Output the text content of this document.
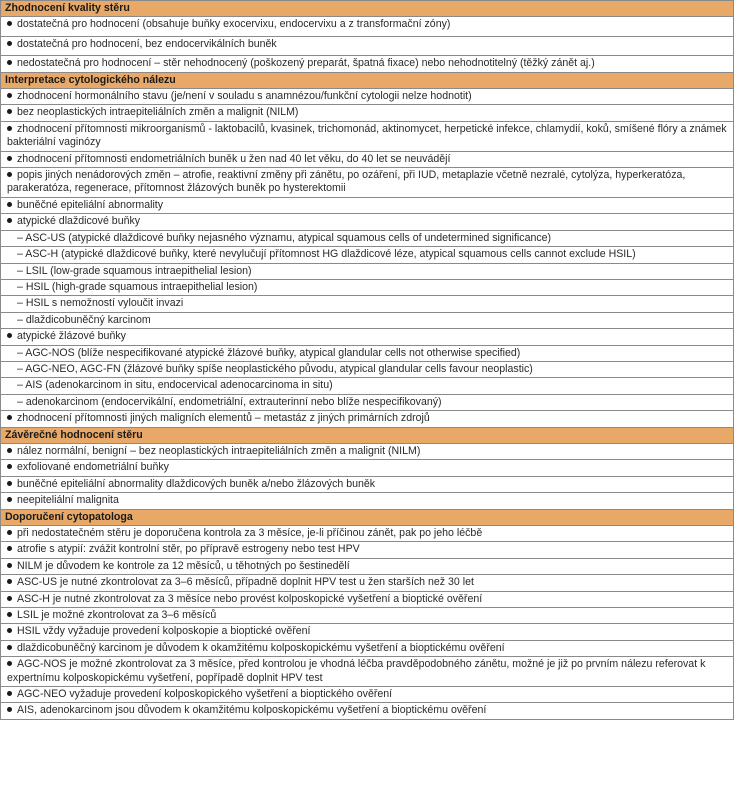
Zhodnocení kvality stěru
dostatečná pro hodnocení (obsahuje buňky exocervixu, endocervixu a z transformační zóny)
dostatečná pro hodnocení, bez endocervikálních buněk
nedostatečná pro hodnocení – stěr nehodnocený (poškozený preparát, špatná fixace) nebo nehodnotitelný (těžký zánět aj.)
Interpretace cytologického nálezu
zhodnocení hormonálního stavu (je/není v souladu s anamnézou/funkční cytologii nelze hodnotit)
bez neoplastických intraepiteliálních změn a malignit (NILM)
zhodnocení přítomnosti mikroorganismů - laktobacilů, kvasinek, trichomonád, aktinomycet, herpetické infekce, chlamydií, koků, smíšené flóry a známek bakteriální vaginózy
zhodnocení přítomnosti endometriálních buněk u žen nad 40 let věku, do 40 let se neuvádějí
popis jiných nenádorových změn – atrofie, reaktivní změny při zánětu, po ozáření, při IUD, metaplazie včetně nezralé, cytolýza, hyperkeratóza, parakeratóza, regenerace, přítomnost žlázových buněk po hysterektomii
buněčné epiteliální abnormality
atypické dlaždicové buňky

– ASC-US (atypické dlaždicové buňky nejasného významu, atypical squamous cells of undetermined significance)

– ASC-H (atypické dlaždicové buňky, které nevylučují přítomnost HG dlaždicové léze, atypical squamous cells cannot exclude HSIL)

– LSIL (low-grade squamous intraepithelial lesion)

– HSIL (high-grade squamous intraepithelial lesion)

– HSIL s nemožností vyloučit invazi

– dlaždicobuněčný karcinom

atypické žlázové buňky

– AGC-NOS (blíže nespecifikované atypické žlázové buňky, atypical glandular cells not otherwise specified)

– AGC-NEO, AGC-FN (žlázové buňky spíše neoplastického původu, atypical glandular cells favour neoplastic)

– AIS (adenokarcinom in situ, endocervical adenocarcinoma in situ)

– adenokarcinom (endocervikální, endometriální, extrauterinní nebo blíže nespecifikovaný)

zhodnocení přítomnosti jiných maligních elementů – metastáz z jiných primárních zdrojů
Závěrečné hodnocení stěru
nález normální, benigní – bez neoplastických intraepiteliálních změn a malignit (NILM)
exfoliované endometriální buňky
buněčné epiteliální abnormality dlaždicových buněk a/nebo žlázových buněk
neepiteliální malignita
Doporučení cytopatologa
při nedostatečném stěru je doporučena kontrola za 3 měsíce, je-li příčinou zánět, pak po jeho léčbě
atrofie s atypií: zvážit kontrolní stěr, po přípravě estrogeny nebo test HPV
NILM je důvodem ke kontrole za 12 měsíců, u těhotných po šestinedělí
ASC-US je nutné zkontrolovat za 3–6 měsíců, případně doplnit HPV test u žen starších než 30 let
ASC-H je nutné zkontrolovat za 3 měsíce nebo provést kolposkopické vyšetření a bioptické ověření
LSIL je možné zkontrolovat za 3–6 měsíců
HSIL vždy vyžaduje provedení kolposkopie a bioptické ověření
dlaždicobuněčný karcinom je důvodem k okamžitému kolposkopickému vyšetření a bioptickému ověření
AGC-NOS je možné zkontrolovat za 3 měsíce, před kontrolou je vhodná léčba pravděpodobného zánětu, možné je již po prvním nálezu referovat k expertnímu kolposkopickému vyšetření, popřípadě doplnit HPV test
AGC-NEO vyžaduje provedení kolposkopického vyšetření a bioptického ověření
AIS, adenokarcinom jsou důvodem k okamžitému kolposkopickému vyšetření a bioptickému ověření
